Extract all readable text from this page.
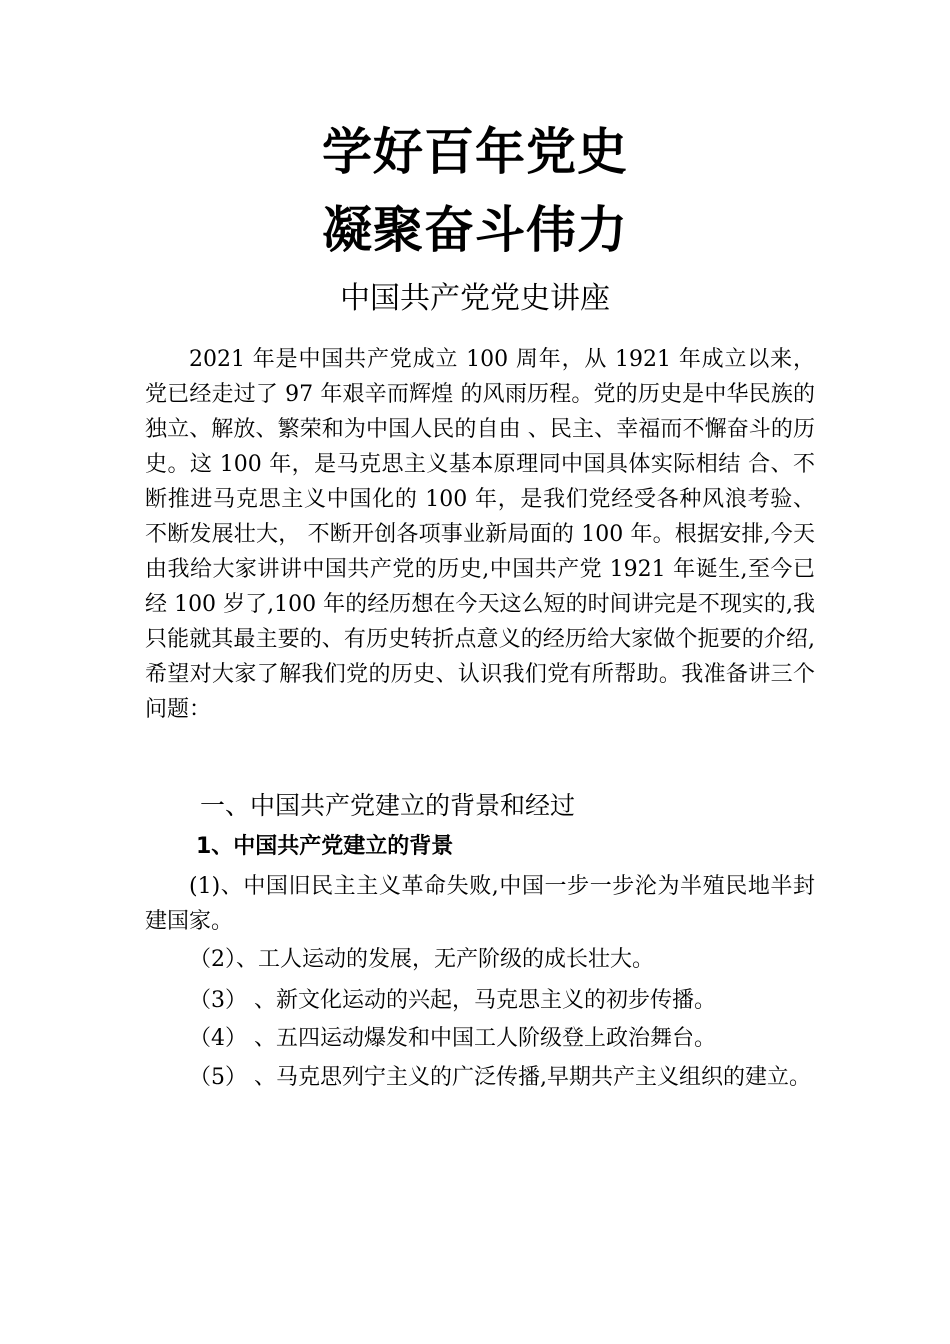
学好百年党史
凝聚奋斗伟力
中国共产党党史讲座

2021 年是中国共产党成立 100 周年，从 1921 年成立以来，党已经走过了 97 年艰辛而辉煌 的风雨历程。党的历史是中华民族的独立、解放、繁荣和为中国人民的自由 、民主、幸福而不懈奋斗的历史。这 100 年，是马克思主义基本原理同中国具体实际相结 合、不断推进马克思主义中国化的 100 年，是我们党经受各种风浪考验、不断发展壮大， 不断开创各项事业新局面的 100 年。根据安排,今天由我给大家讲讲中国共产党的历史,中国共产党 1921 年诞生,至今已经 100 岁了,100 年的经历想在今天这么短的时间讲完是不现实的,我只能就其最主要的、有历史转折点意义的经历给大家做个扼要的介绍,希望对大家了解我们党的历史、认识我们党有所帮助。我准备讲三个问题：

一、中国共产党建立的背景和经过
1、中国共产党建立的背景

(1)、中国旧民主主义革命失败,中国一步一步沦为半殖民地半封建国家。

（2）、工人运动的发展，无产阶级的成长壮大。

（3） 、新文化运动的兴起，马克思主义的初步传播。

（4） 、五四运动爆发和中国工人阶级登上政治舞台。

（5） 、马克思列宁主义的广泛传播,早期共产主义组织的建立。
